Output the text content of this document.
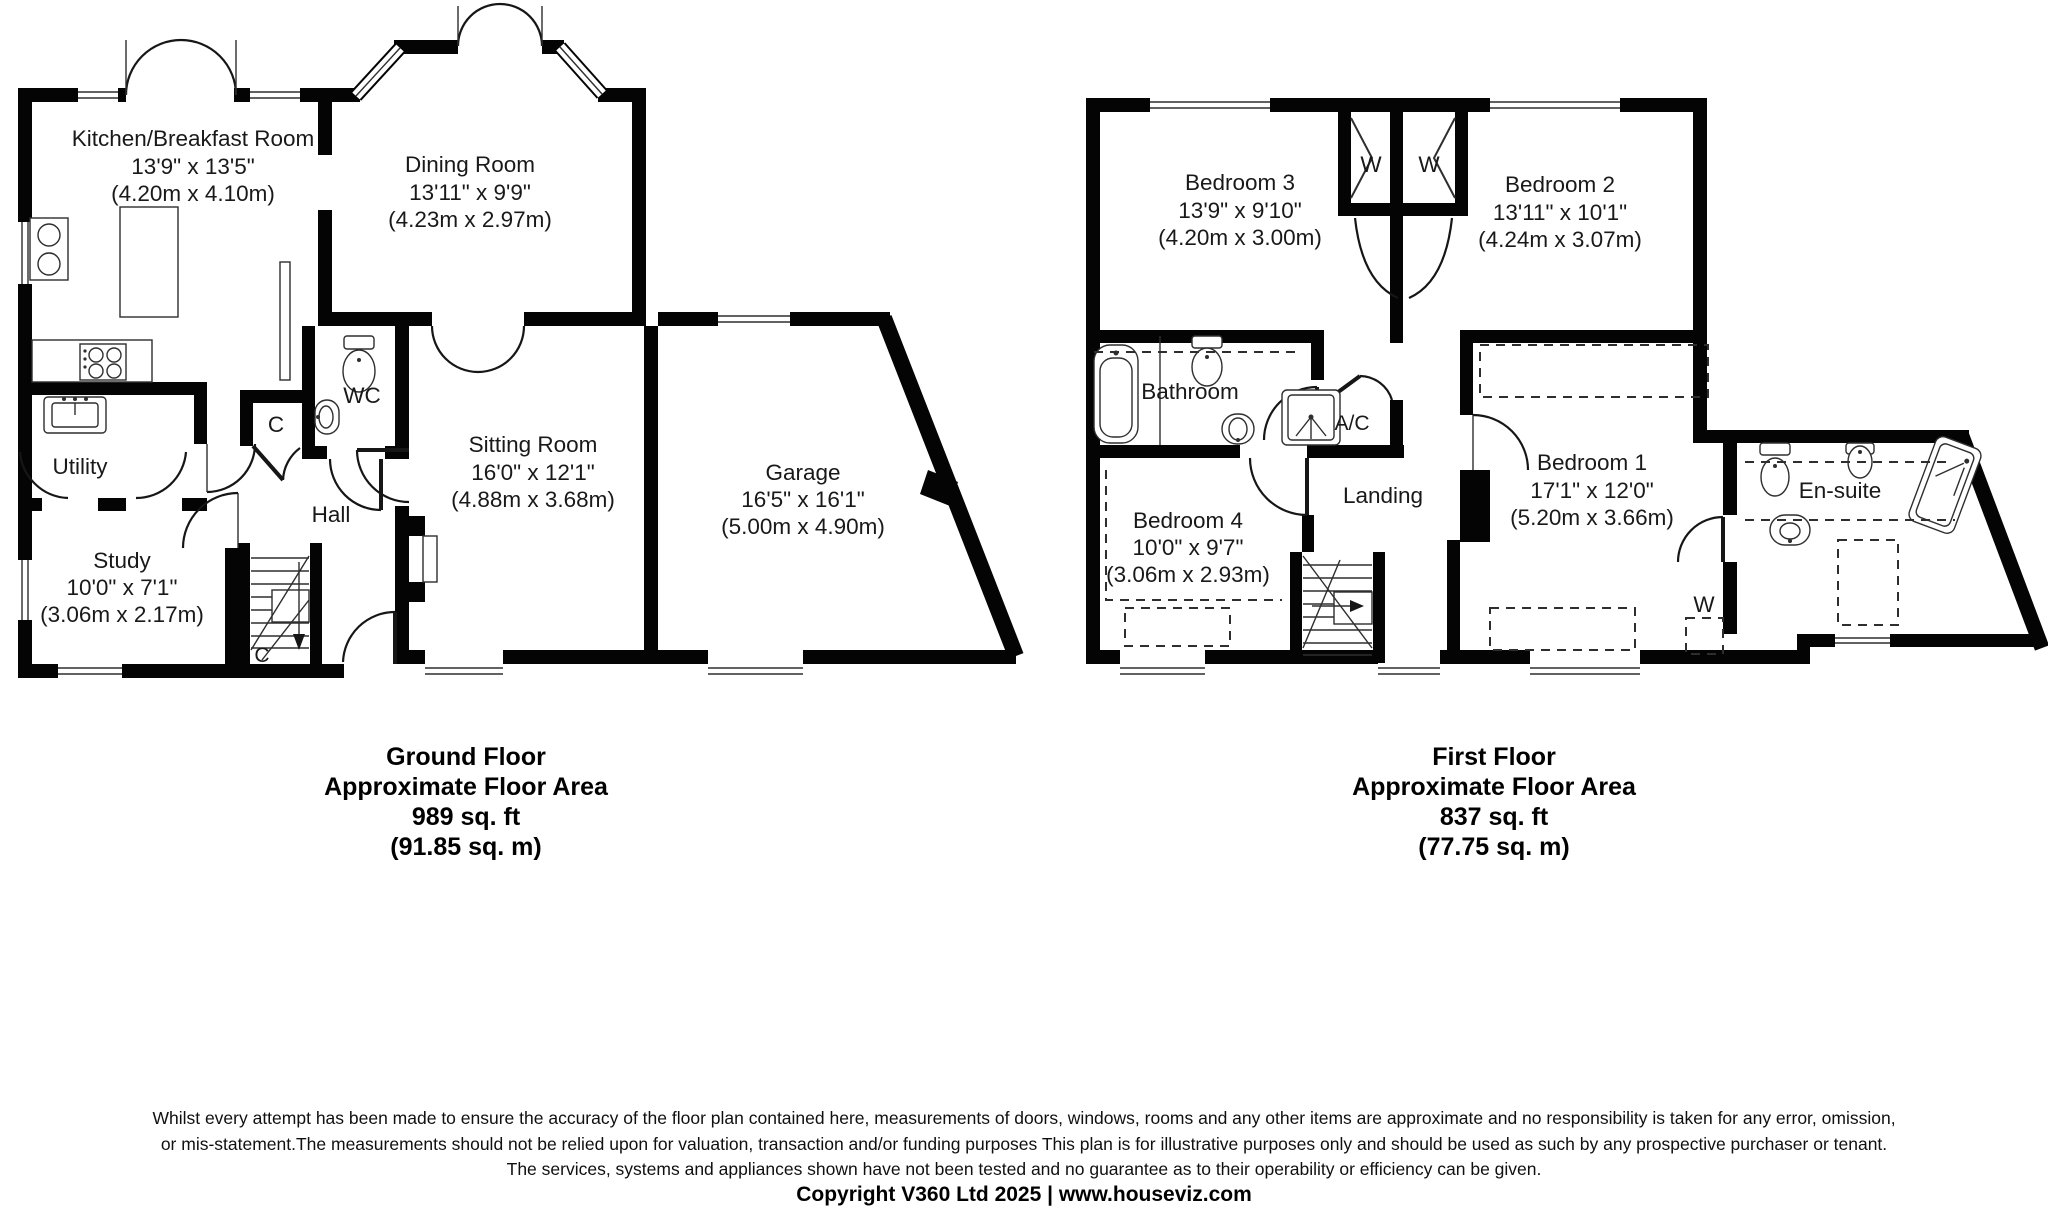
Kitchen/Breakfast Room
13'9" x 13'5"
(4.20m x 4.10m)
Dining Room
13'11" x 9'9"
(4.23m x 2.97m)
WC
C
Utility
Hall
Study
10'0" x 7'1"
(3.06m x 2.17m)
C
Sitting Room
16'0" x 12'1"
(4.88m x 3.68m)
Garage
16'5" x 16'1"
(5.00m x 4.90m)
Ground Floor
Approximate Floor Area
989 sq. ft
(91.85 sq. m)
Bedroom 3
13'9" x 9'10"
(4.20m x 3.00m)
W W
Bedroom 2
13'11" x 10'1"
(4.24m x 3.07m)
Bathroom
A/C
Bedroom 4
10'0" x 9'7"
(3.06m x 2.93m)
Landing
Bedroom 1
17'1" x 12'0"
(5.20m x 3.66m)
En-suite
W
First Floor
Approximate Floor Area
837 sq. ft
(77.75 sq. m)
Whilst every attempt has been made to ensure the accuracy of the floor plan contained here, measurements of doors, windows, rooms and any other items are approximate and no responsibility is taken for any error, omission,
or mis-statement.The measurements should not be relied upon for valuation, transaction and/or funding purposes This plan is for illustrative purposes only and should be used as such by any prospective purchaser or tenant.
The services, systems and appliances shown have not been tested and no guarantee as to their operability or efficiency can be given.
Copyright V360 Ltd 2025 | www.houseviz.com
